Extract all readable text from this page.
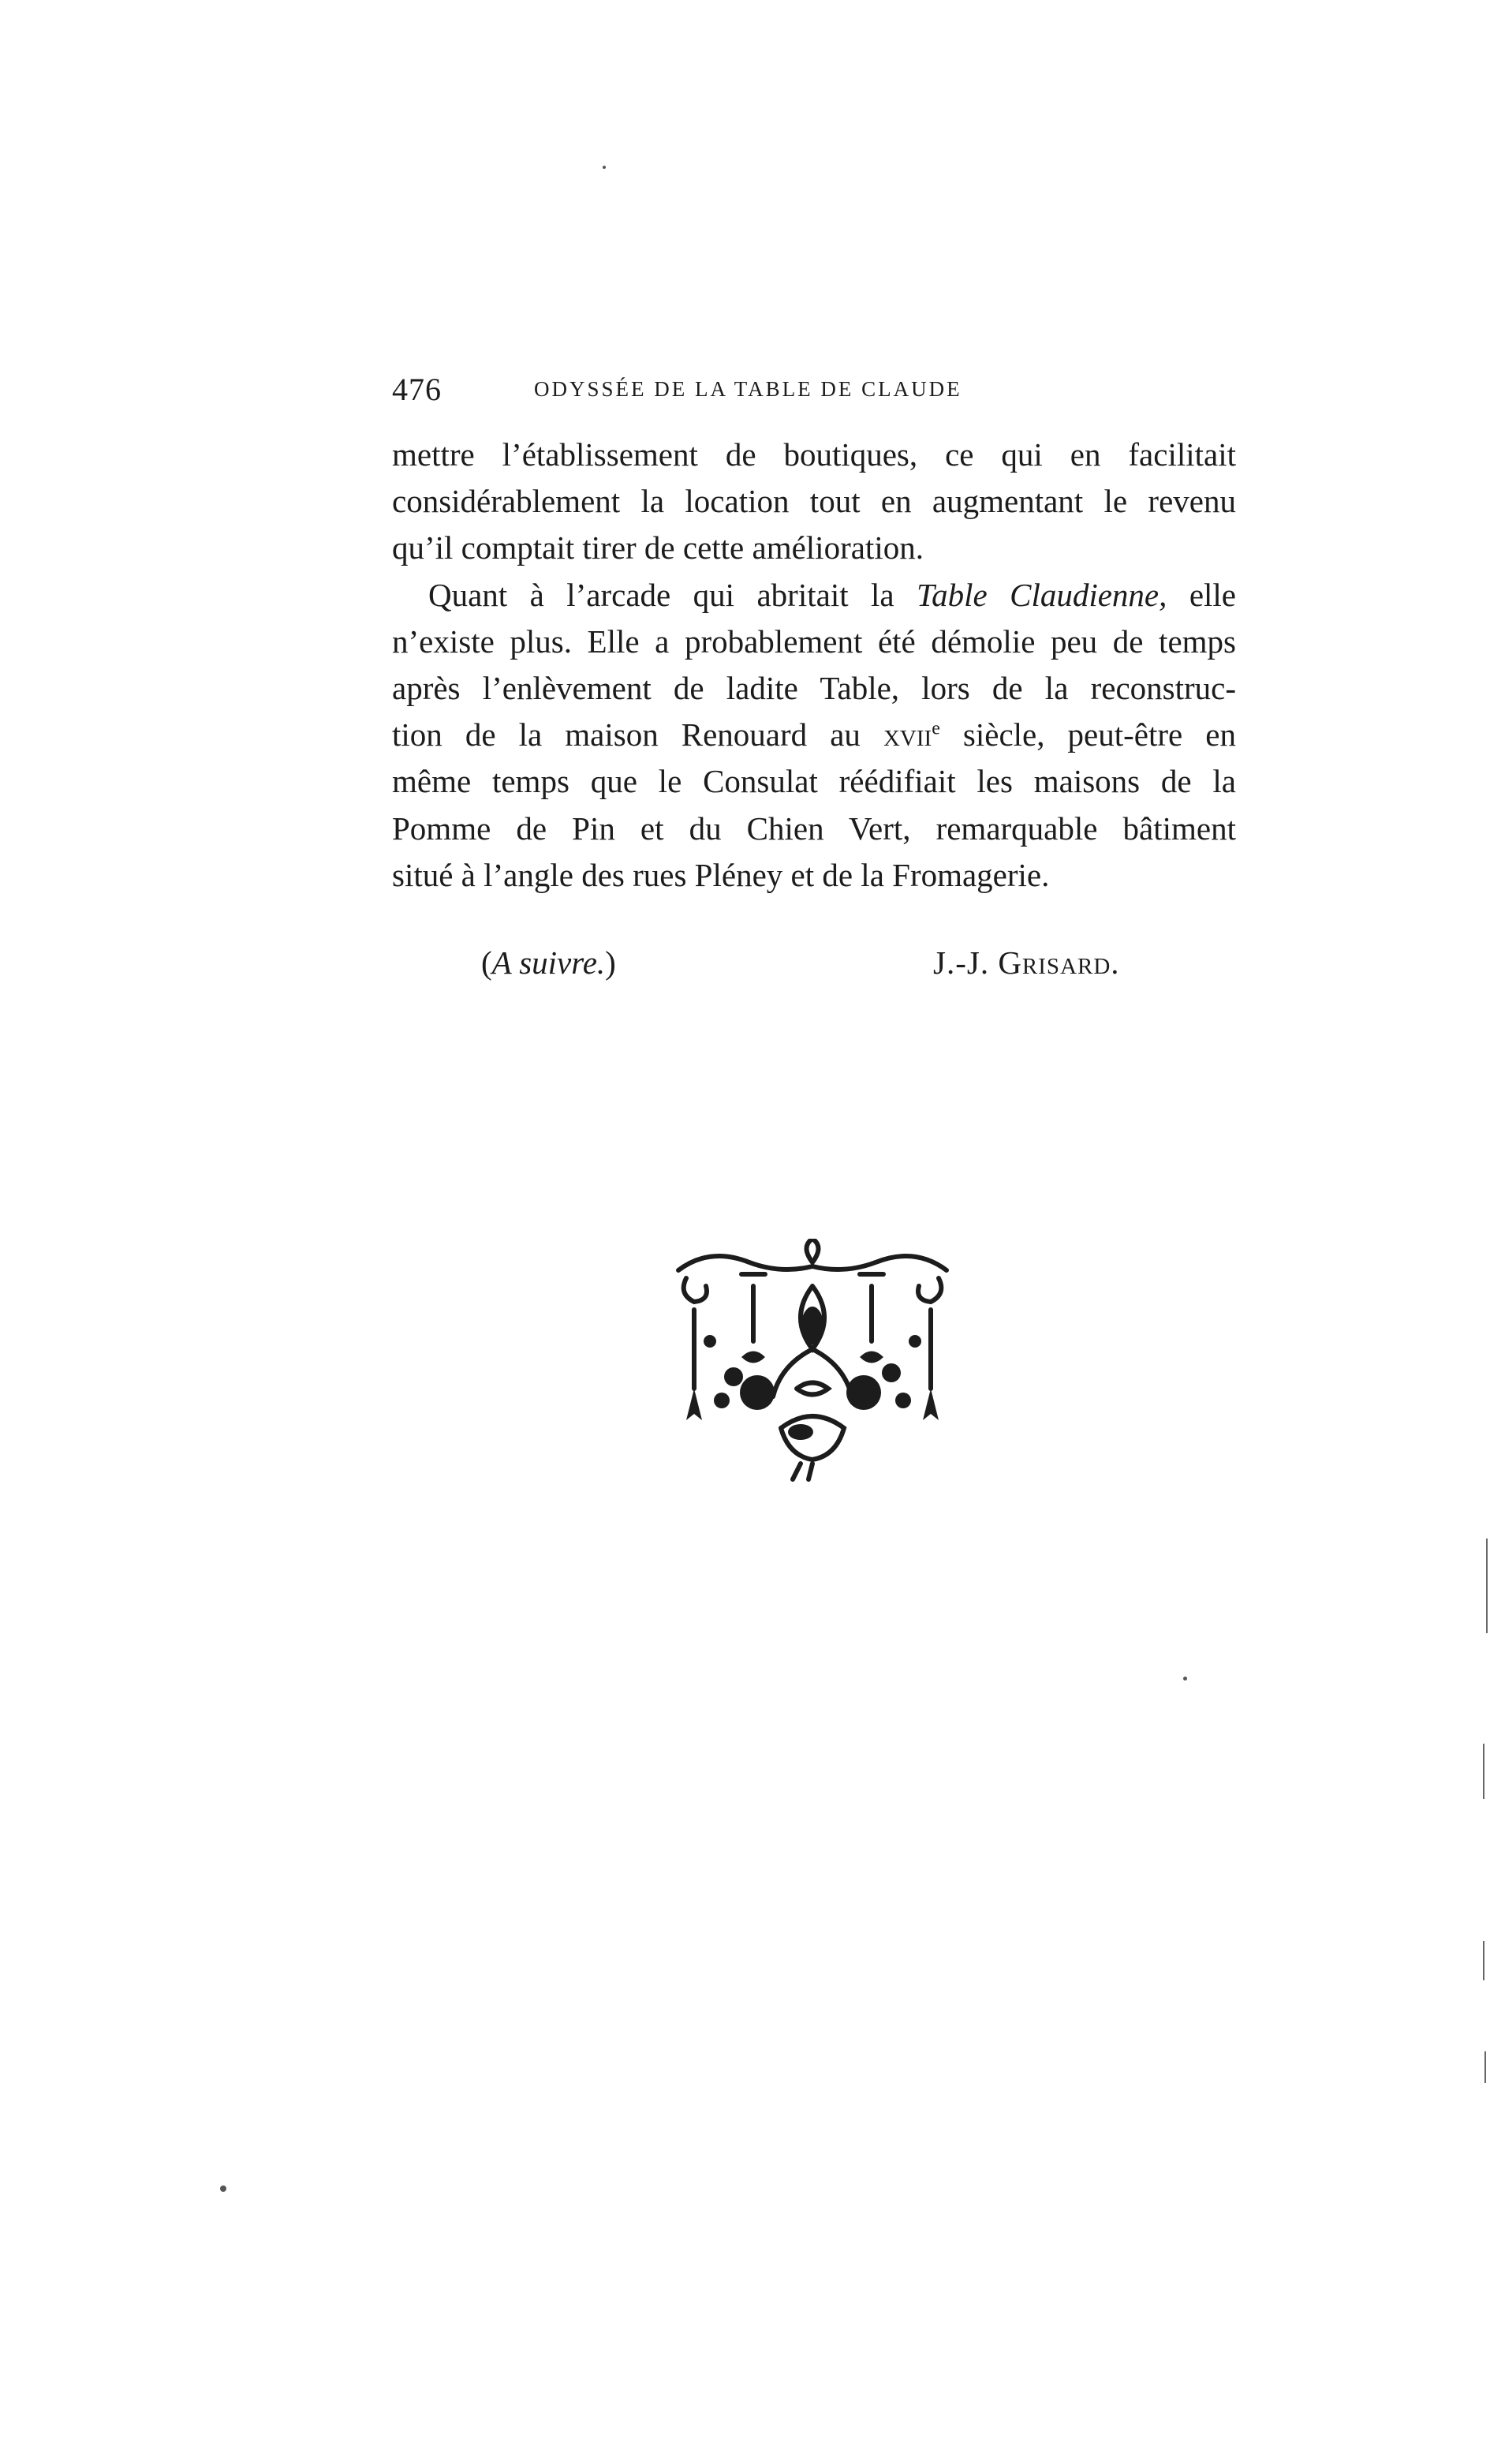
476	ODYSSÉE DE LA TABLE DE CLAUDE
mettre l’établissement de boutiques, ce qui en facilitait
considérablement la location tout en augmentant le revenu
qu’il comptait tirer de cette amélioration.
Quant à l’arcade qui abritait la Table Claudienne, elle
n’existe plus. Elle a probablement été démolie peu de temps
après l’enlèvement de ladite Table, lors de la reconstruc-
tion de la maison Renouard au xvii$^e$ siècle, peut-être en
même temps que le Consulat réédifiait les maisons de la
Pomme de Pin et du Chien Vert, remarquable bâtiment
situé à l’angle des rues Pléney et de la Fromagerie.
(A suivre.)	J.-J. Grisard.
